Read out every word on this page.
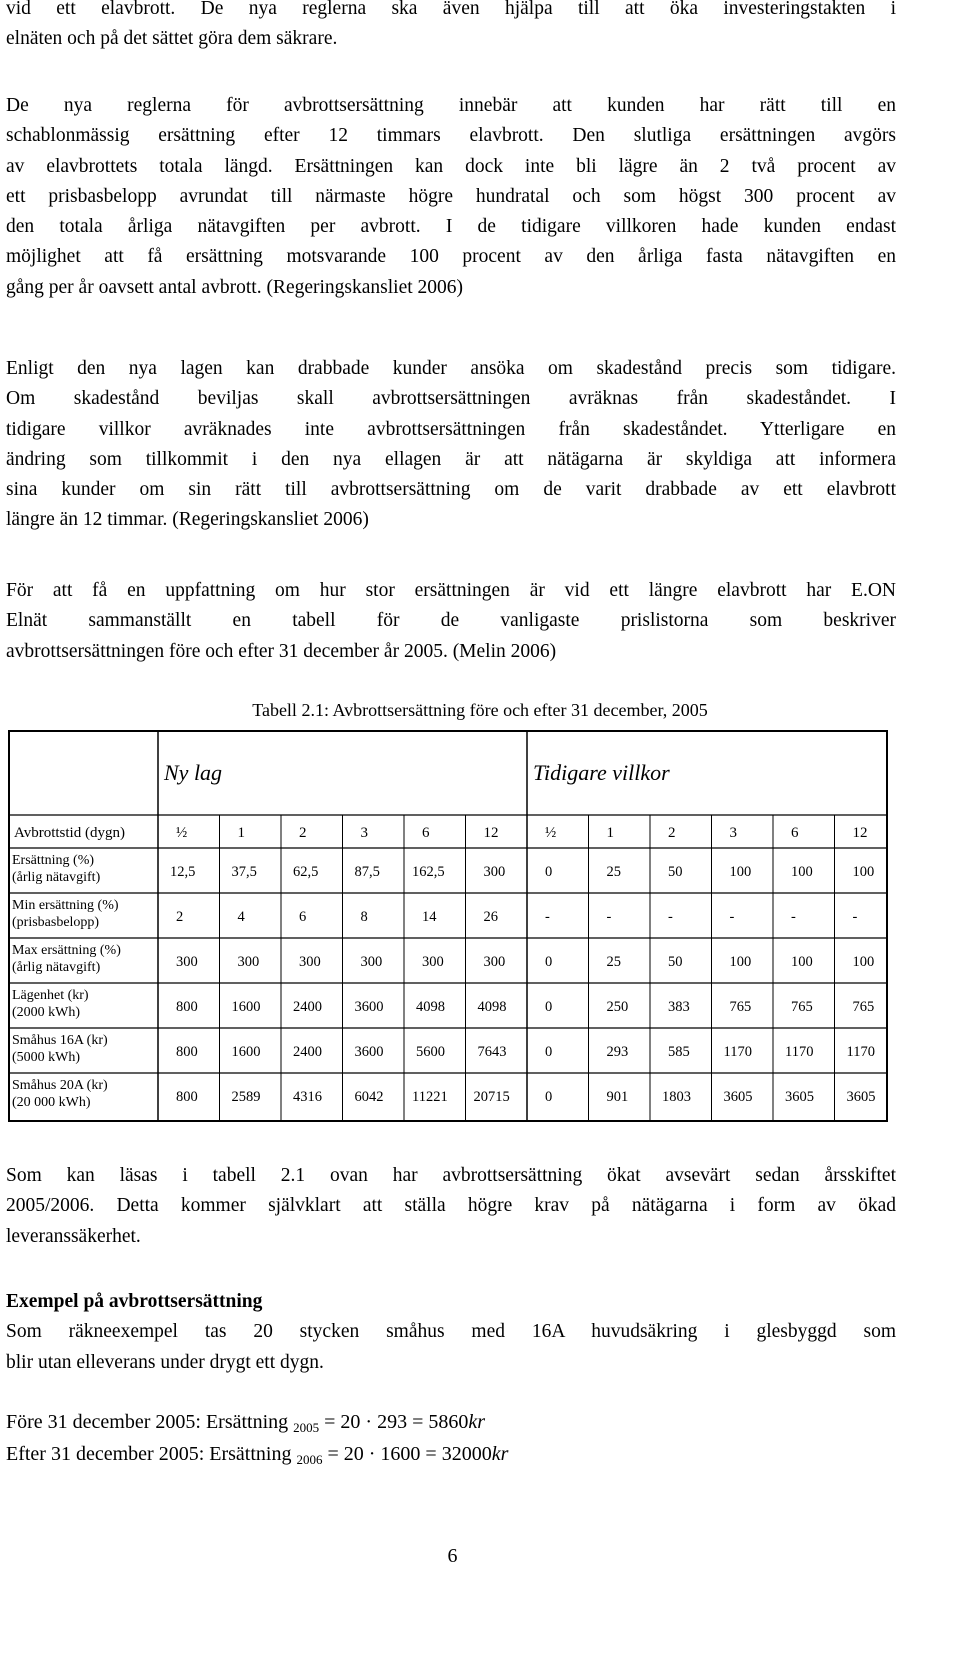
vid ett elavbrott. De nya reglerna ska även hjälpa till att öka investeringstakten i
elnäten och på det sättet göra dem säkrare.
De nya reglerna för avbrottsersättning innebär att kunden har rätt till en
schablonmässig ersättning efter 12 timmars elavbrott. Den slutliga ersättningen avgörs
av elavbrottets totala längd. Ersättningen kan dock inte bli lägre än 2 två procent av
ett prisbasbelopp avrundat till närmaste högre hundratal och som högst 300 procent av
den totala årliga nätavgiften per avbrott. I de tidigare villkoren hade kunden endast
möjlighet att få ersättning motsvarande 100 procent av den årliga fasta nätavgiften en
gång per år oavsett antal avbrott. (Regeringskansliet 2006)
Enligt den nya lagen kan drabbade kunder ansöka om skadestånd precis som tidigare.
Om skadestånd beviljas skall avbrottsersättningen avräknas från skadeståndet. I
tidigare villkor avräknades inte avbrottsersättningen från skadeståndet. Ytterligare en
ändring som tillkommit i den nya ellagen är att nätägarna är skyldiga att informera
sina kunder om sin rätt till avbrottsersättning om de varit drabbade av ett elavbrott
längre än 12 timmar. (Regeringskansliet 2006)
För att få en uppfattning om hur stor ersättningen är vid ett längre elavbrott har E.ON
Elnät sammanställt en tabell för de vanligaste prislistorna som beskriver
avbrottsersättningen före och efter 31 december år 2005. (Melin 2006)
Tabell 2.1: Avbrottsersättning före och efter 31 december, 2005
Ny lag	Tidigare villkor
Avbrottstid (dygn)	½	1	2	3	6	12	½	1	2	3	6	12
Ersättning (%)
(årlig nätavgift)	12,5 37,5 62,5 87,5 162,5	300	0	25	50	100	100	100
Min ersättning (%)
(prisbasbelopp)	2	4	6	8	14	26	-	-	-	-	-	-
Max ersättning (%)
(årlig nätavgift)	300	300	300	300	300	300	0	25	50	100	100	100
Lägenhet (kr)
(2000 kWh)	800 1600 2400 3600 4098 4098	0	250	383	765	765	765
Småhus 16A (kr)
(5000 kWh)	800 1600 2400 3600 5600 7643	0	293	585 1170 1170 1170
Småhus 20A (kr)
(20 000 kWh)	800 2589 4316 6042 11221 20715 0	901 1803 3605 3605 3605
Som kan läsas i tabell 2.1 ovan har avbrottsersättning ökat avsevärt sedan årsskiftet
2005/2006. Detta kommer självklart att ställa högre krav på nätägarna i form av ökad
leveranssäkerhet.
Exempel på avbrottsersättning
Som räkneexempel tas 20 stycken småhus med 16A huvudsäkring i glesbyggd som
blir utan elleverans under drygt ett dygn.
Före 31 december 2005: Ersättning $_{2005}$ = 20 · 293 = 5860kr
Efter 31 december 2005: Ersättning $_{2006}$ = 20 · 1600 = 32000kr
6
